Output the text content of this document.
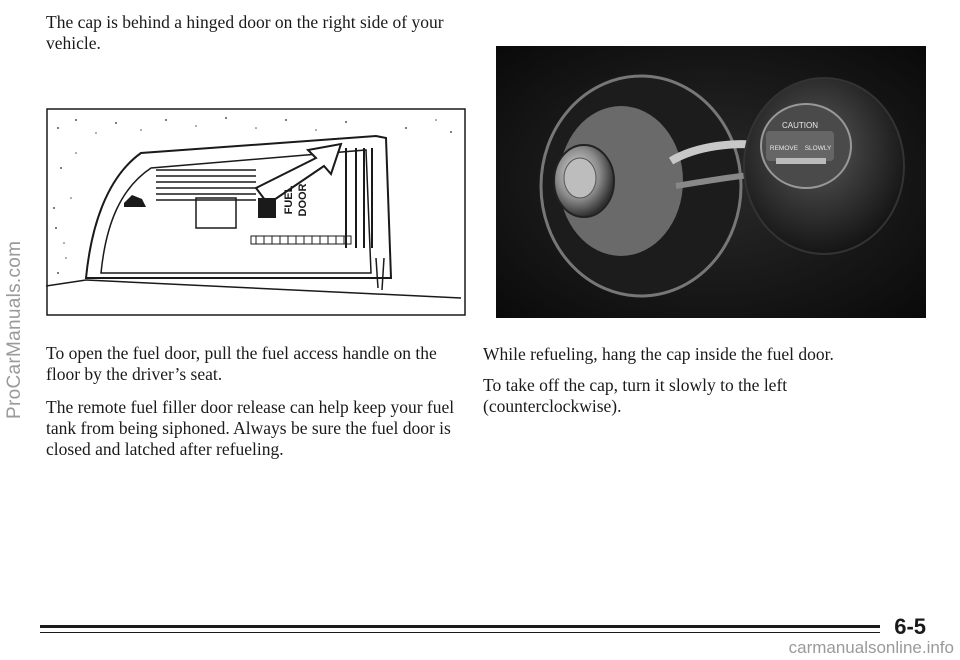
The cap is behind a hinged door on the right side of your vehicle.

FUEL DOOR
CAUTION
REMOVE SLOWLY

To open the fuel door, pull the fuel access handle on the floor by the driver’s seat.

The remote fuel filler door release can help keep your fuel tank from being siphoned. Always be sure the fuel door is closed and latched after refueling.

While refueling, hang the cap inside the fuel door.

To take off the cap, turn it slowly to the left (counterclockwise).

ProCarManuals.com
6-5
carmanualsonline.info
